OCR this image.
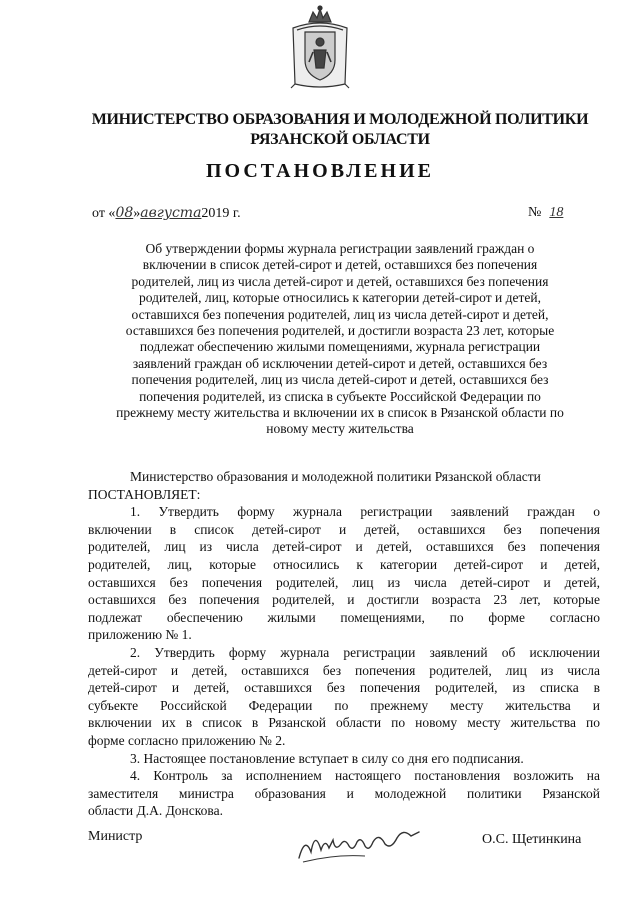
МИНИСТЕРСТВО ОБРАЗОВАНИЯ И МОЛОДЕЖНОЙ ПОЛИТИКИ
РЯЗАНСКОЙ ОБЛАСТИ
ПОСТАНОВЛЕНИЕ
от «08»августа2019 г.	№ 18
Об утверждении формы журнала регистрации заявлений граждан о
включении в список детей-сирот и детей, оставшихся без попечения
родителей, лиц из числа детей-сирот и детей, оставшихся без попечения
родителей, лиц, которые относились к категории детей-сирот и детей,
оставшихся без попечения родителей, лиц из числа детей-сирот и детей,
оставшихся без попечения родителей, и достигли возраста 23 лет, которые
подлежат обеспечению жилыми помещениями, журнала регистрации
заявлений граждан об исключении детей-сирот и детей, оставшихся без
попечения родителей, лиц из числа детей-сирот и детей, оставшихся без
попечения родителей, из списка в субъекте Российской Федерации по
прежнему месту жительства и включении их в список в Рязанской области по
новому месту жительства
Министерство образования и молодежной политики Рязанской области
ПОСТАНОВЛЯЕТ:
1. Утвердить форму журнала регистрации заявлений граждан о
включении в список детей-сирот и детей, оставшихся без попечения
родителей, лиц из числа детей-сирот и детей, оставшихся без попечения
родителей, лиц, которые относились к категории детей-сирот и детей,
оставшихся без попечения родителей, лиц из числа детей-сирот и детей,
оставшихся без попечения родителей, и достигли возраста 23 лет, которые
подлежат обеспечению жилыми помещениями, по форме согласно
приложению № 1.
2. Утвердить форму журнала регистрации заявлений об исключении
детей-сирот и детей, оставшихся без попечения родителей, лиц из числа
детей-сирот и детей, оставшихся без попечения родителей, из списка в
субъекте Российской Федерации по прежнему месту жительства и
включении их в список в Рязанской области по новому месту жительства по
форме согласно приложению № 2.
3. Настоящее постановление вступает в силу со дня его подписания.
4. Контроль за исполнением настоящего постановления возложить на
заместителя министра образования и молодежной политики Рязанской
области Д.А. Донскова.
Министр	О.С. Щетинкина
